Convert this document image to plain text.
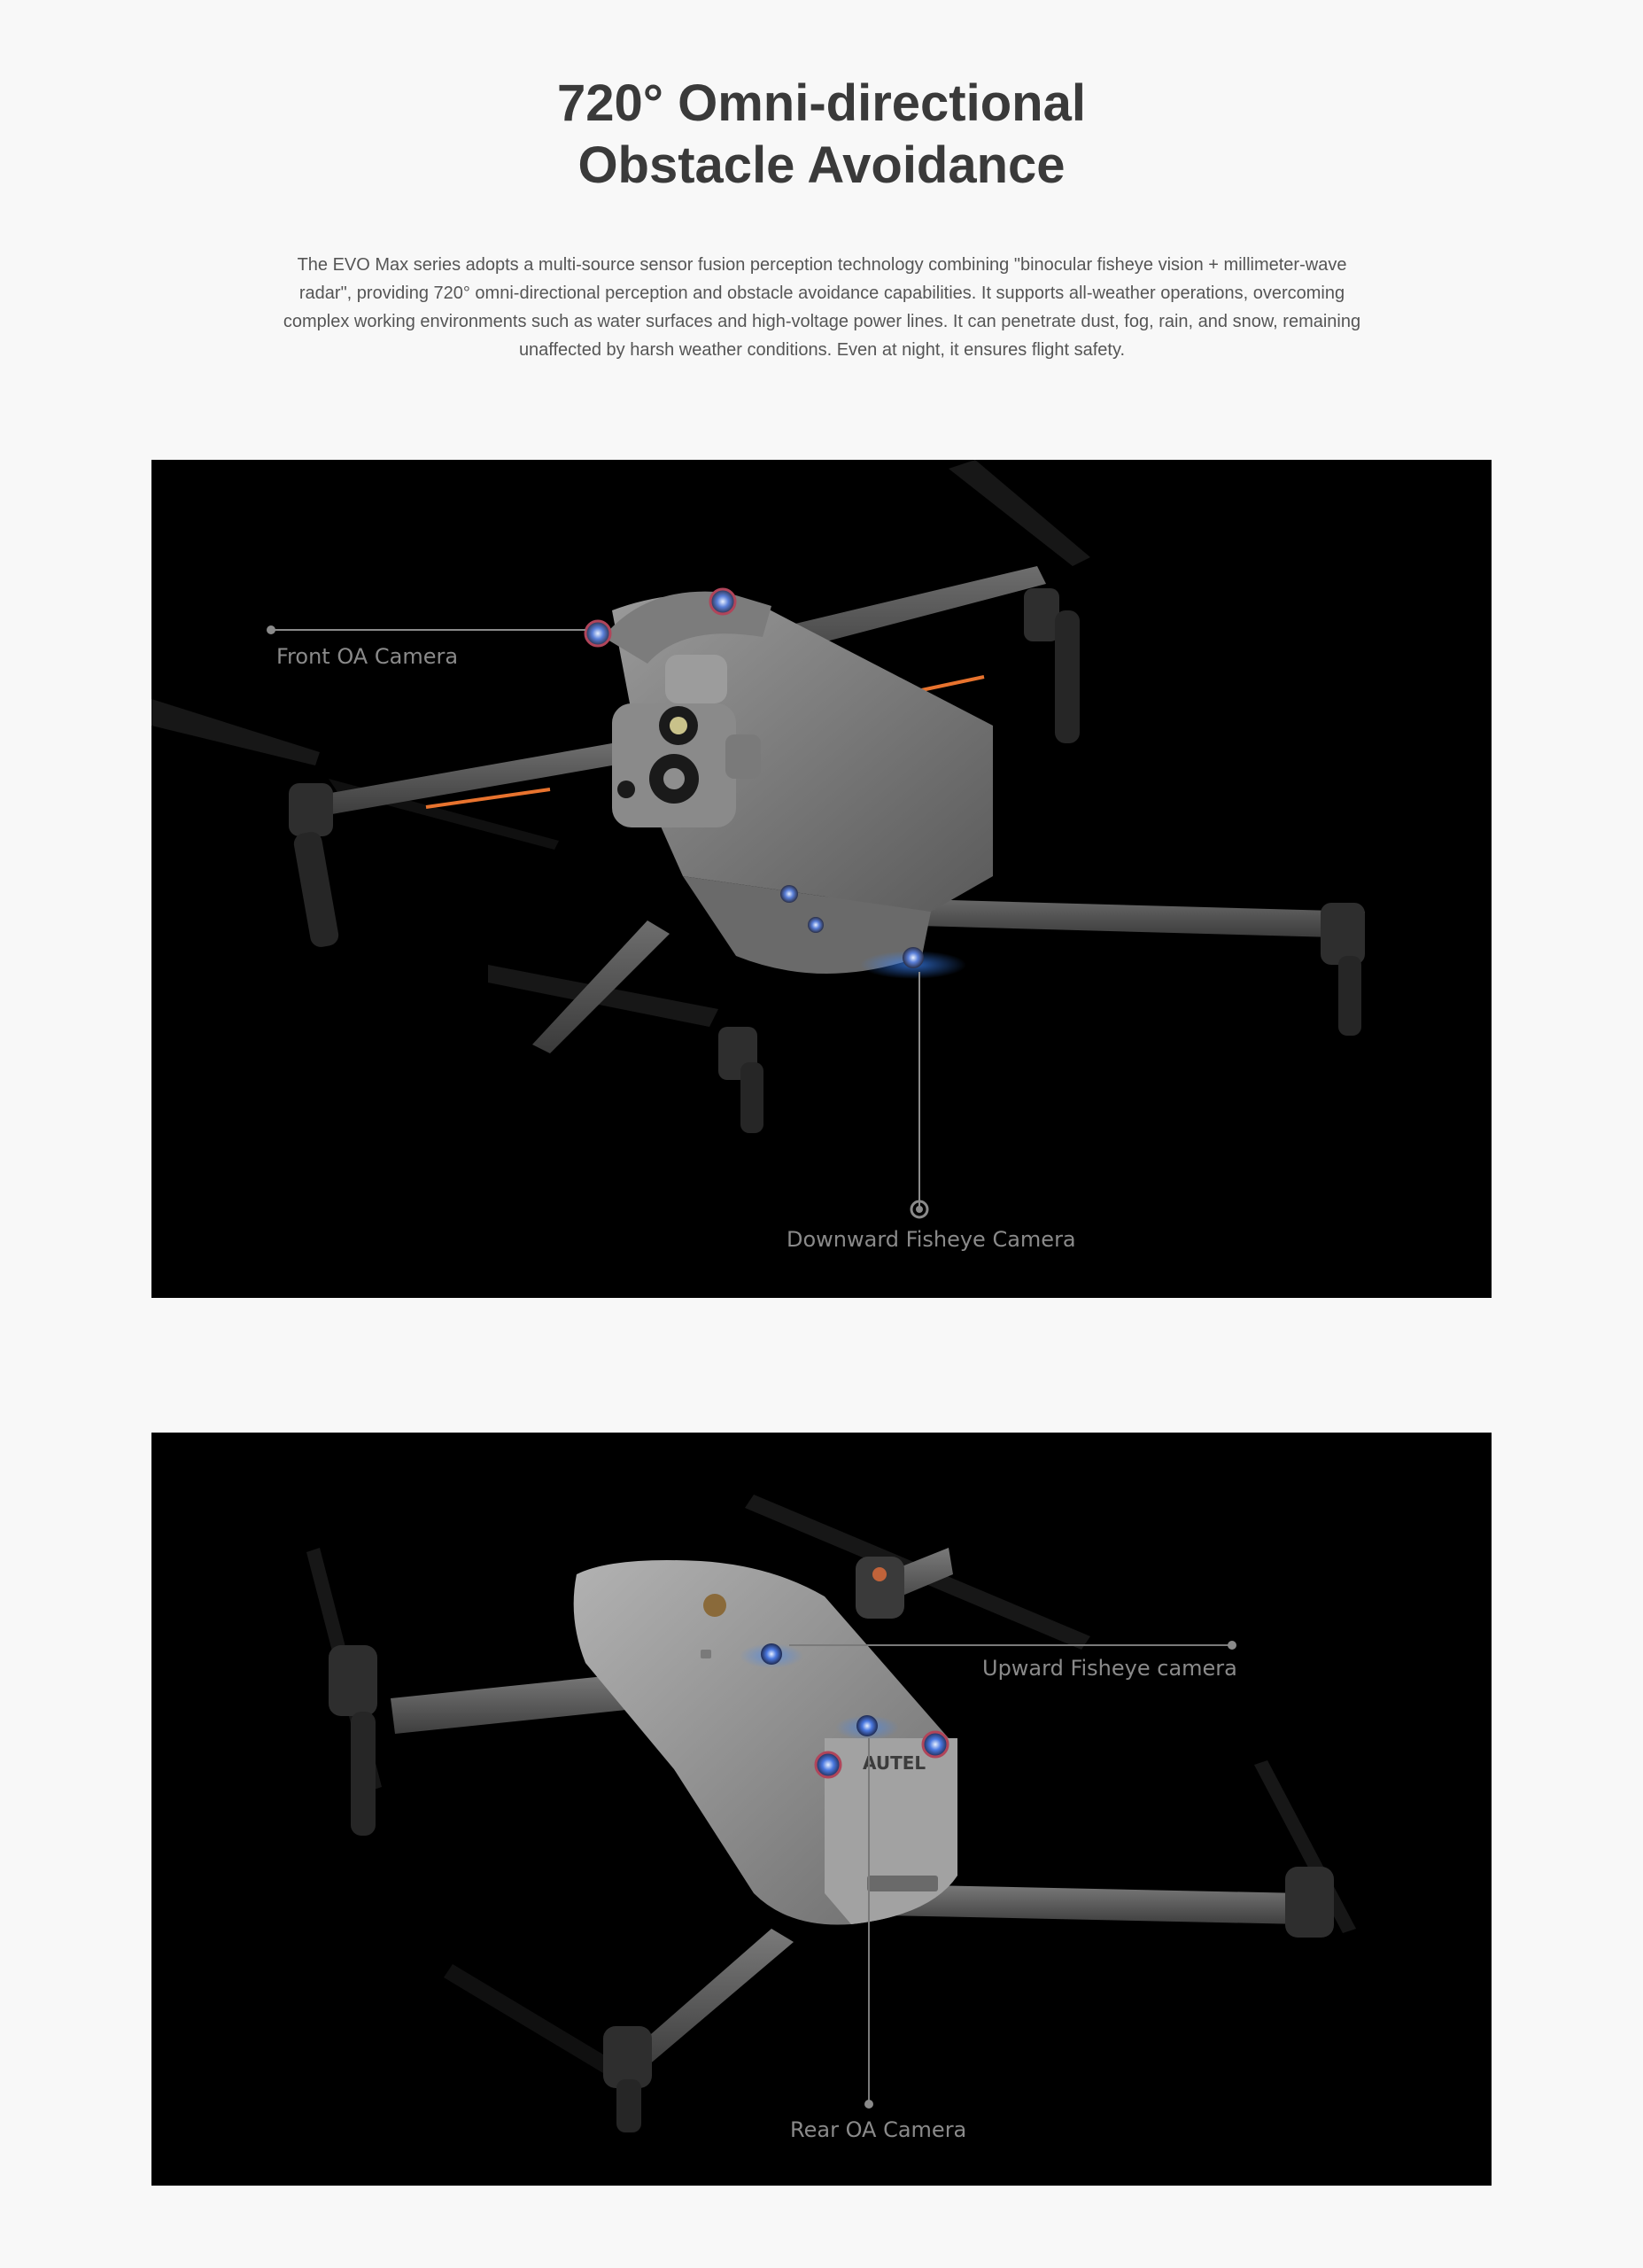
720° Omni-directional
Obstacle Avoidance

The EVO Max series adopts a multi-source sensor fusion perception technology combining "binocular fisheye vision + millimeter-wave radar", providing 720° omni-directional perception and obstacle avoidance capabilities. It supports all-weather operations, overcoming complex working environments such as water surfaces and high-voltage power lines. It can penetrate dust, fog, rain, and snow, remaining unaffected by harsh weather conditions. Even at night, it ensures flight safety.

Front OA Camera
Downward Fisheye Camera
AUTEL
Upward Fisheye camera
Rear OA Camera
